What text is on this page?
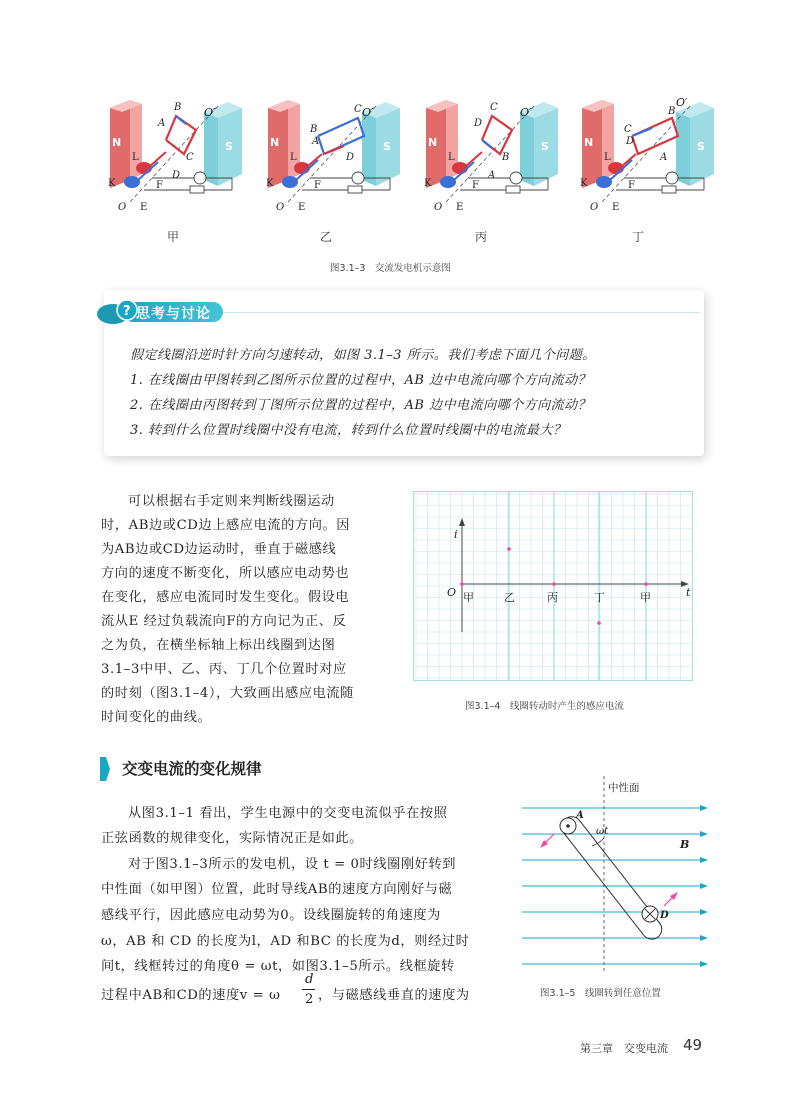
N	S
O′
B
A
C
D
L
K	F
O E
N	S
O′
B
A
C
D
L
K	F
O E
N	S
O′
C
D
B
A
L
K	F
O E
N	S
O′
C
D
B
A
L
K	F
O E
甲	乙	丙	丁
图3.1–3　交流发电机示意图
? 思考与讨论
假定线圈沿逆时针方向匀速转动，如图 3.1–3 所示。我们考虑下面几个问题。
1. 在线圈由甲图转到乙图所示位置的过程中，AB 边中电流向哪个方向流动？
2. 在线圈由丙图转到丁图所示位置的过程中，AB 边中电流向哪个方向流动？
3. 转到什么位置时线圈中没有电流，转到什么位置时线圈中的电流最大？
可以根据右手定则来判断线圈运动
时，AB边或CD边上感应电流的方向。因
为AB边或CD边运动时，垂直于磁感线
方向的速度不断变化，所以感应电动势也
在变化，感应电流同时发生变化。假设电
流从E 经过负载流向F的方向记为正、反
之为负，在横坐标轴上标出线圈到达图
3.1–3中甲、乙、丙、丁几个位置时对应
的时刻（图3.1–4），大致画出感应电流随
时间变化的曲线。
i
t
O 甲	乙	丙	丁	甲
图3.1–4　线圈转动时产生的感应电流
交变电流的变化规律
从图3.1–1 看出，学生电源中的交变电流似乎在按照
正弦函数的规律变化，实际情况正是如此。
对于图3.1–3所示的发电机，设 t = 0时线圈刚好转到
中性面（如甲图）位置，此时导线AB的速度方向刚好与磁
感线平行，因此感应电动势为0。设线圈旋转的角速度为
ω，AB 和 CD 的长度为l，AD 和BC 的长度为d，则经过时
间t，线框转过的角度θ = ωt，如图3.1–5所示。线框旋转
过程中AB和CD的速度v = ω
d
2 ，与磁感线垂直的速度为
中性面
ωt
B
A
D
图3.1–5　线圈转到任意位置
第三章　交变电流 49
